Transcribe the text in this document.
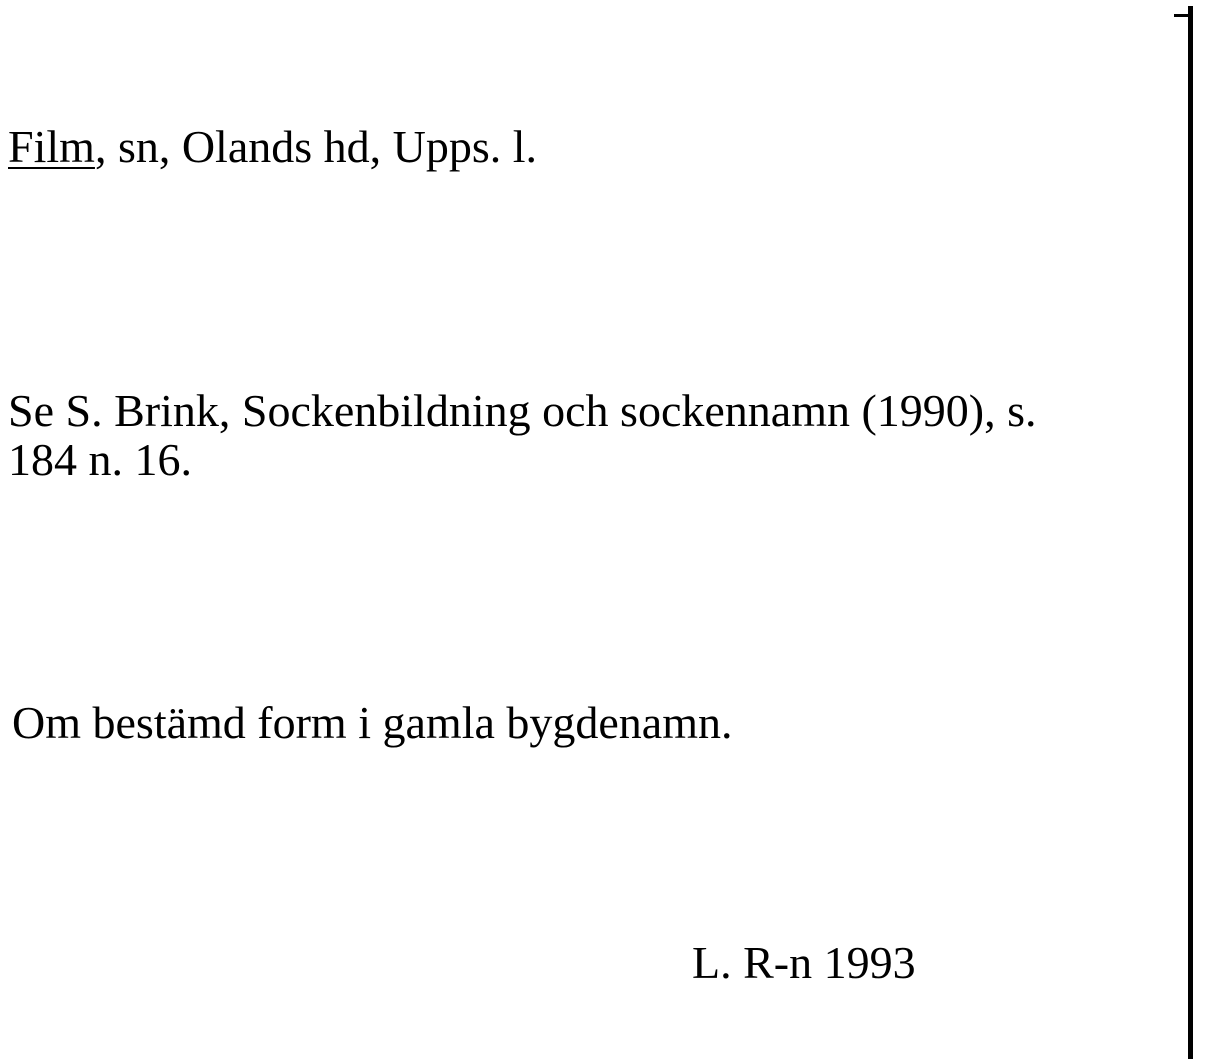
Film, sn, Olands hd, Upps. l.

Se S. Brink, Sockenbildning och sockennamn (1990), s.

184 n. 16.

Om bestämd form i gamla bygdenamn.

L. R-n 1993
